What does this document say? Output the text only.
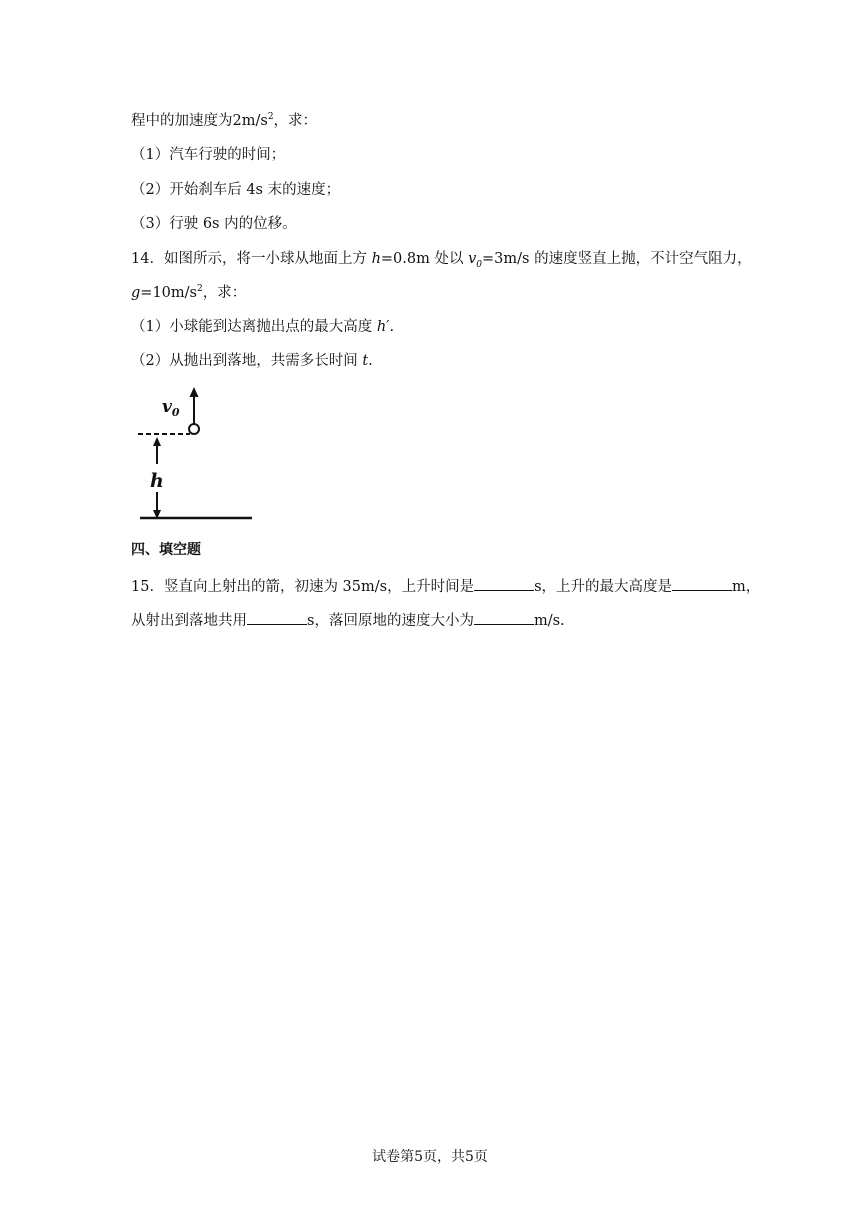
程中的加速度为$2m/s^2$，求：
（1）汽车行驶的时间；
（2）开始刹车后 4s 末的速度；
（3）行驶 6s 内的位移。
14．如图所示，将一小球从地面上方 h=0.8m 处以 $v_0=3m/s$ 的速度竖直上抛，不计空气阻力，
$g=10m/s^2$，求：
（1）小球能到达离抛出点的最大高度 h′.
（2）从抛出到落地，共需多长时间 t.
$v_0$
h
四、填空题
15．竖直向上射出的箭，初速为 35m/s，上升时间是	s，上升的最大高度是	m，
从射出到落地共用	s，落回原地的速度大小为	m/s.
试卷第5页，共5页
